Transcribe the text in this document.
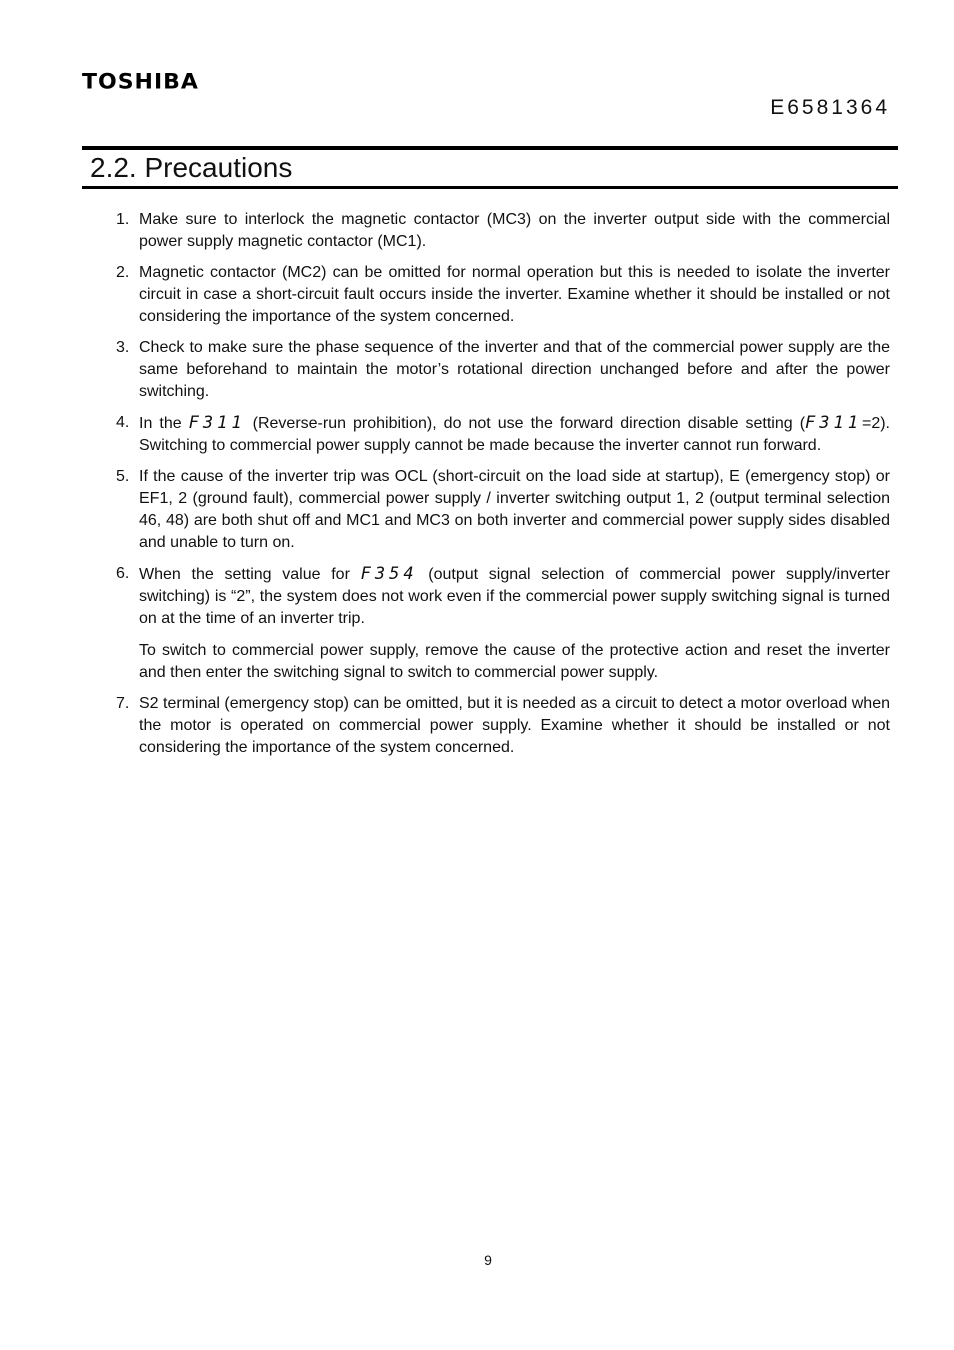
TOSHIBA
E6581364
2.2. Precautions
1. Make sure to interlock the magnetic contactor (MC3) on the inverter output side with the commercial power supply magnetic contactor (MC1).
2. Magnetic contactor (MC2) can be omitted for normal operation but this is needed to isolate the inverter circuit in case a short-circuit fault occurs inside the inverter. Examine whether it should be installed or not considering the importance of the system concerned.
3. Check to make sure the phase sequence of the inverter and that of the commercial power supply are the same beforehand to maintain the motor’s rotational direction unchanged before and after the power switching.
4. In the F311 (Reverse-run prohibition), do not use the forward direction disable setting (F311=2). Switching to commercial power supply cannot be made because the inverter cannot run forward.
5. If the cause of the inverter trip was OCL (short-circuit on the load side at startup), E (emergency stop) or EF1, 2 (ground fault), commercial power supply / inverter switching output 1, 2 (output terminal selection 46, 48) are both shut off and MC1 and MC3 on both inverter and commercial power supply sides disabled and unable to turn on.
6. When the setting value for F354 (output signal selection of commercial power supply/inverter switching) is “2”, the system does not work even if the commercial power supply switching signal is turned on at the time of an inverter trip.
To switch to commercial power supply, remove the cause of the protective action and reset the inverter and then enter the switching signal to switch to commercial power supply.
7. S2 terminal (emergency stop) can be omitted, but it is needed as a circuit to detect a motor overload when the motor is operated on commercial power supply. Examine whether it should be installed or not considering the importance of the system concerned.
9
